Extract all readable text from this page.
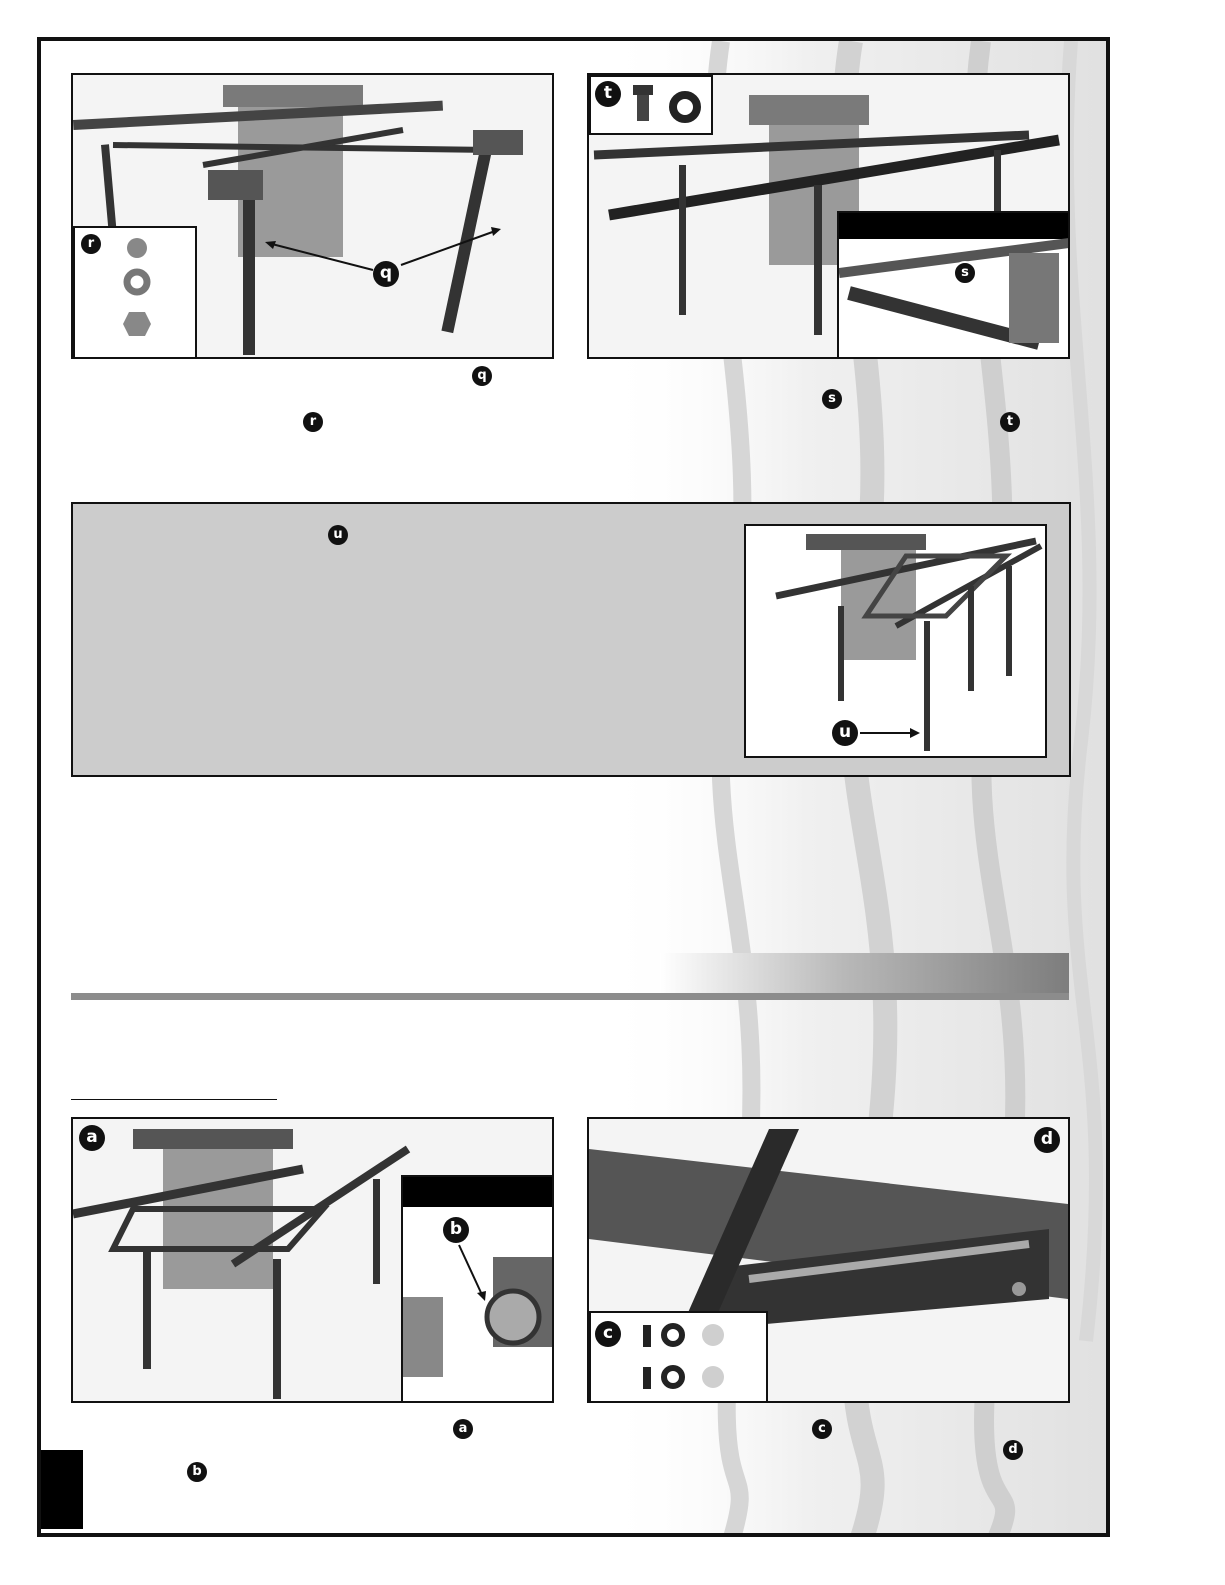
r
q
t
s
q
r
s
t
u
u
a
b
d
c
a
b
c
d
